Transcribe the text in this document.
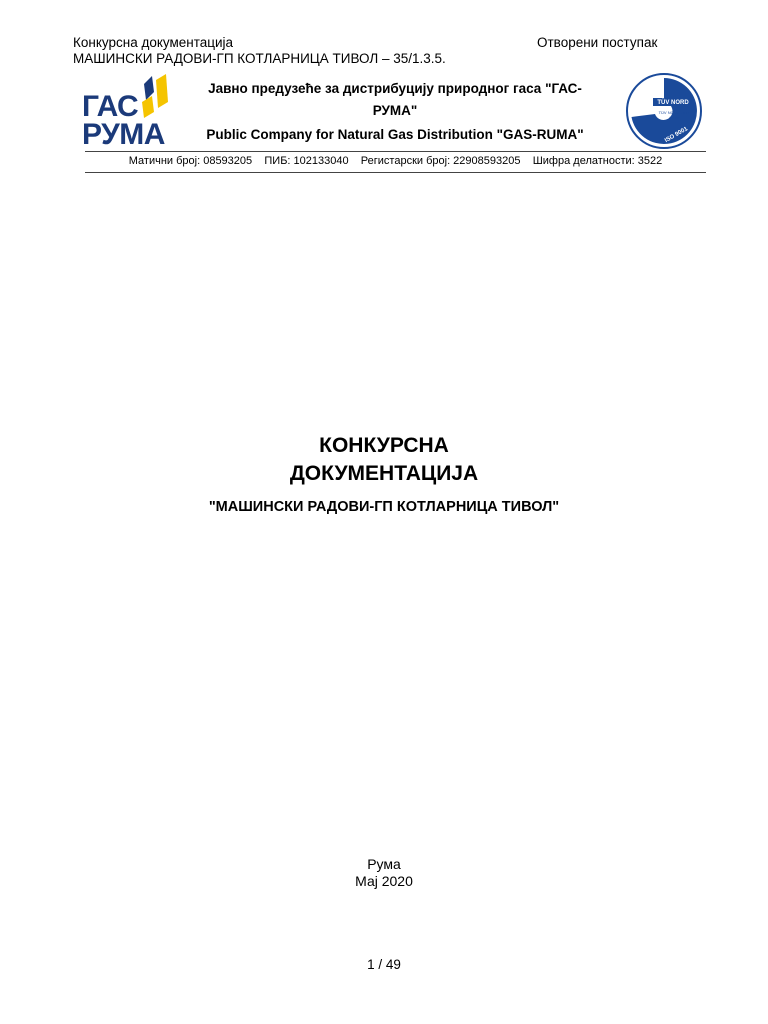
Конкурсна документација
МАШИНСКИ РАДОВИ-ГП КОТЛАРНИЦА ТИВОЛ – 35/1.3.5.
Отворени поступак
ГАС
РУМА
Јавно предузеће за дистрибуцију природног гаса "ГАС-
РУМА"
Public Company for Natural Gas Distribution "GAS-RUMA"
TÜV NORD
TÜV NORD CERT
GmbH
ISO 9001
Матични број: 08593205    ПИБ: 102133040    Регистарски број: 22908593205    Шифра делатности: 3522
КОНКУРСНА
ДОКУМЕНТАЦИЈА
"МАШИНСКИ РАДОВИ-ГП КОТЛАРНИЦА ТИВОЛ"
Рума
Мај 2020
1 / 49
